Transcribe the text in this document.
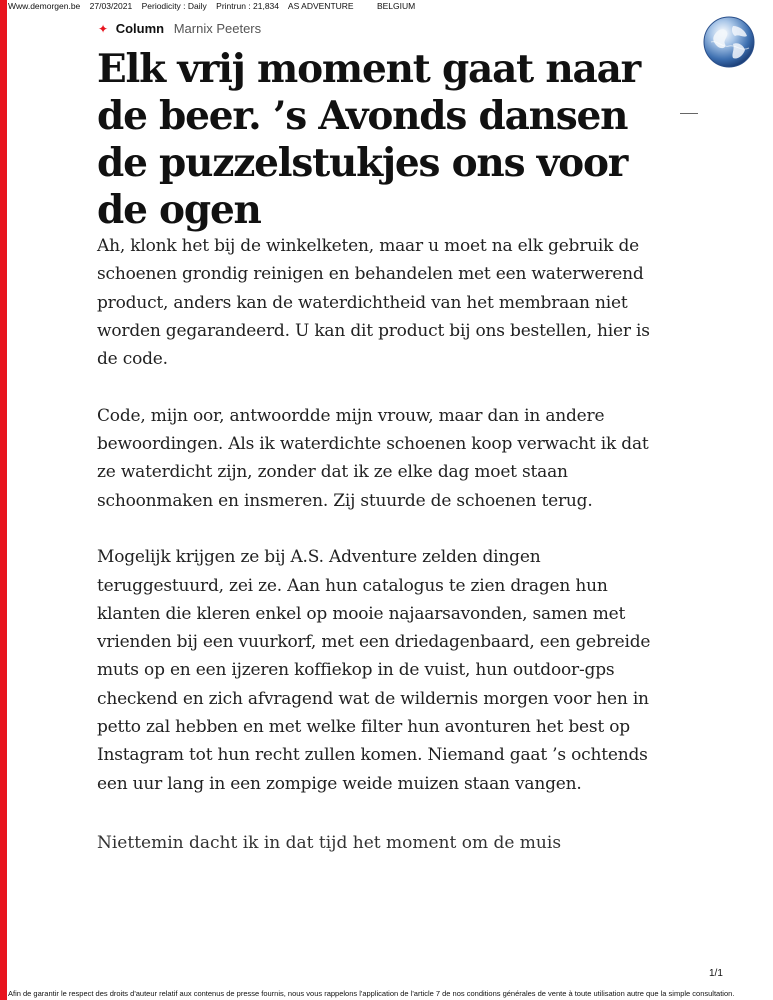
Www.demorgen.be 27/03/2021 Periodicity : Daily Printrun : 21,834 AS ADVENTURE	BELGIUM
✦ Column Marnix Peeters
Elk vrij moment gaat naar de beer. ’s Avonds dansen de puzzelstukjes ons voor de ogen

Ah, klonk het bij de winkelketen, maar u moet na elk gebruik de schoenen grondig reinigen en behandelen met een waterwerend product, anders kan de waterdichtheid van het membraan niet worden gegarandeerd. U kan dit product bij ons bestellen, hier is de code.

Code, mijn oor, antwoordde mijn vrouw, maar dan in andere bewoordingen. Als ik waterdichte schoenen koop verwacht ik dat ze waterdicht zijn, zonder dat ik ze elke dag moet staan schoonmaken en insmeren. Zij stuurde de schoenen terug.

Mogelijk krijgen ze bij A.S. Adventure zelden dingen teruggestuurd, zei ze. Aan hun catalogus te zien dragen hun klanten die kleren enkel op mooie najaarsavonden, samen met vrienden bij een vuurkorf, met een driedagenbaard, een gebreide muts op en een ijzeren koffiekop in de vuist, hun outdoor-gps checkend en zich afvragend wat de wildernis morgen voor hen in petto zal hebben en met welke filter hun avonturen het best op Instagram tot hun recht zullen komen. Niemand gaat ’s ochtends een uur lang in een zompige weide muizen staan vangen.

Niettemin dacht ik in dat tijd het moment om de muis
1/1
Afin de garantir le respect des droits d'auteur relatif aux contenus de presse fournis, nous vous rappelons l'application de l'article 7 de nos conditions générales de vente à toute utilisation autre que la simple consultation.
